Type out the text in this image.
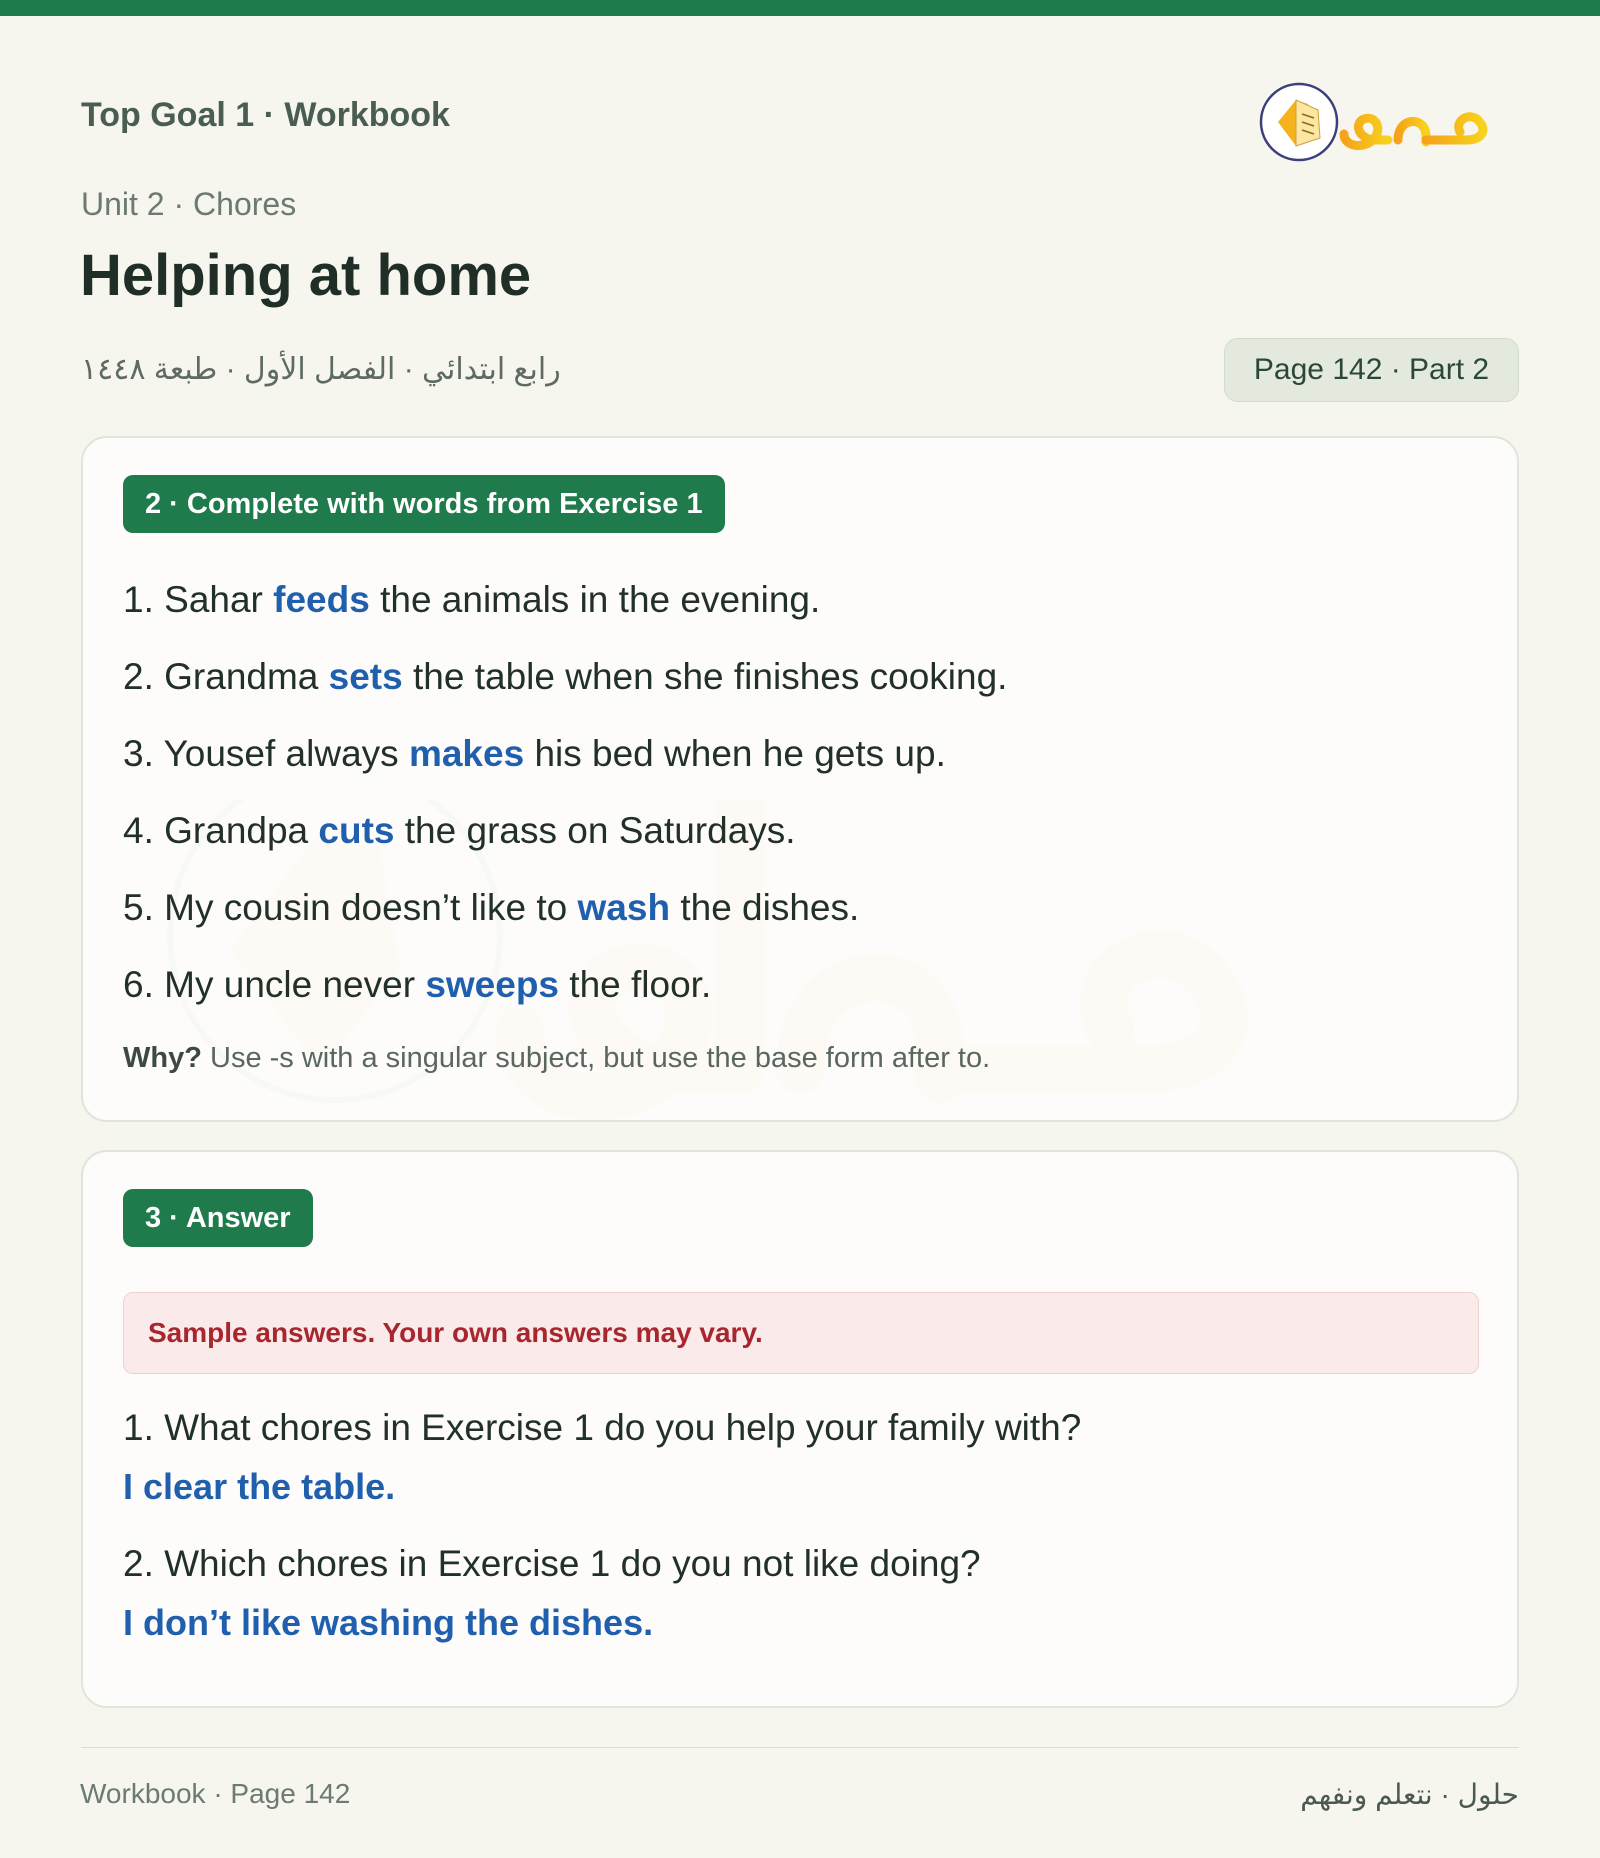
Top Goal 1 · Workbook
Unit 2 · Chores
Helping at home
رابع ابتدائي · الفصل الأول · طبعة ١٤٤٨	Page 142 · Part 2
2 · Complete with words from Exercise 1
1. Sahar feeds the animals in the evening.
2. Grandma sets the table when she finishes cooking.
3. Yousef always makes his bed when he gets up.
4. Grandpa cuts the grass on Saturdays.
5. My cousin doesn’t like to wash the dishes.
6. My uncle never sweeps the floor.
Why? Use -s with a singular subject, but use the base form after to.
3 · Answer
Sample answers. Your own answers may vary.
1. What chores in Exercise 1 do you help your family with?
I clear the table.
2. Which chores in Exercise 1 do you not like doing?
I don’t like washing the dishes.
Workbook · Page 142	حلول · نتعلم ونفهم
